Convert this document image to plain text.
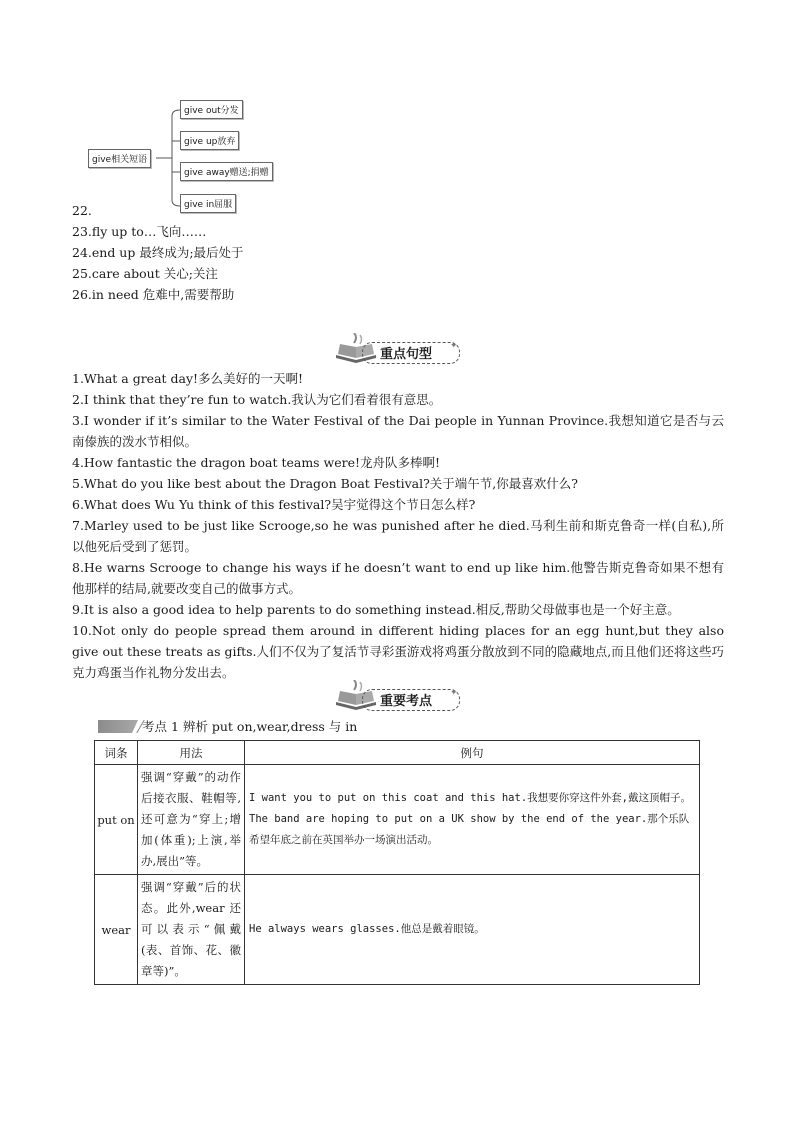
give相关短语
give out分发
give up放弃
give away赠送;捐赠
give in屈服
22.
23.fly up to…飞向……
24.end up 最终成为;最后处于
25.care about 关心;关注
26.in need 危难中,需要帮助
重点句型
✦
1.What a great day!多么美好的一天啊!
2.I think that they’re fun to watch.我认为它们看着很有意思。
3.I wonder if it’s similar to the Water Festival of the Dai people in Yunnan Province.我想知道它是否与云南傣族的泼水节相似。
4.How fantastic the dragon boat teams were!龙舟队多棒啊!
5.What do you like best about the Dragon Boat Festival?关于端午节,你最喜欢什么?
6.What does Wu Yu think of this festival?吴宇觉得这个节日怎么样?
7.Marley used to be just like Scrooge,so he was punished after he died.马利生前和斯克鲁奇一样(自私),所以他死后受到了惩罚。
8.He warns Scrooge to change his ways if he doesn’t want to end up like him.他警告斯克鲁奇如果不想有他那样的结局,就要改变自己的做事方式。
9.It is also a good idea to help parents to do something instead.相反,帮助父母做事也是一个好主意。
10.Not only do people spread them around in different hiding places for an egg hunt,but they also give out these treats as gifts.人们不仅为了复活节寻彩蛋游戏将鸡蛋分散放到不同的隐藏地点,而且他们还将这些巧克力鸡蛋当作礼物分发出去。
重要考点
✦
考点 1 辨析 put on,wear,dress 与 in
词条	用法	例句
put on	强调“穿戴”的动作后接衣服、鞋帽等,还可意为“穿上;增加(体重);上演,举办,展出”等。	I want you to put on this coat and this hat.我想要你穿这件外套,戴这顶帽子。
The band are hoping to put on a UK show by the end of the year.那个乐队希望年底之前在英国举办一场演出活动。

wear	强调“穿戴”后的状态。此外,wear 还可以表示“佩戴(表、首饰、花、徽章等)”。	He always wears glasses.他总是戴着眼镜。
